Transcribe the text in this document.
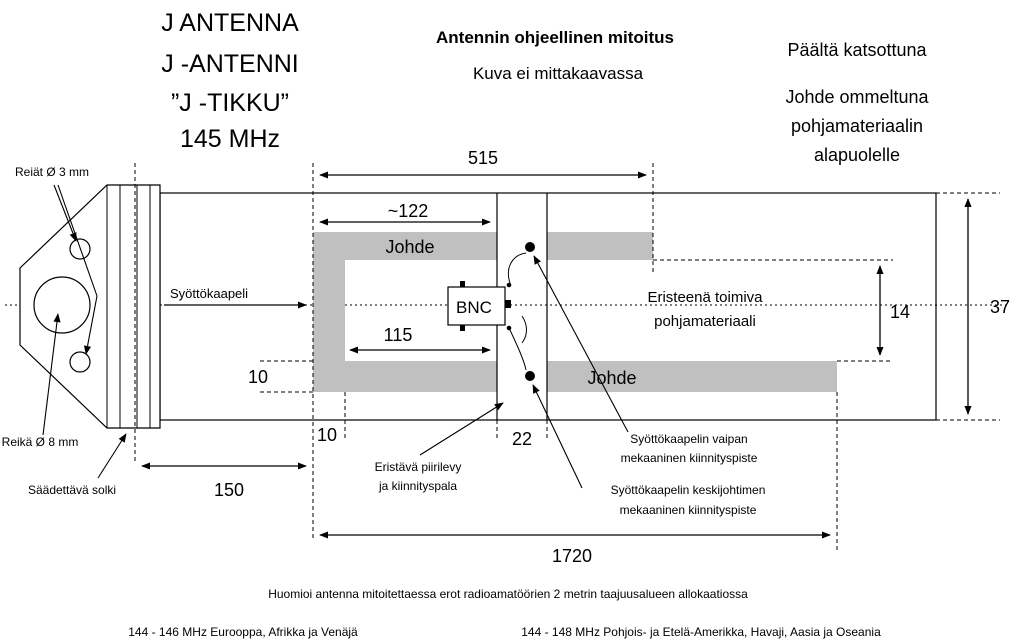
J ANTENNA
J -ANTENNI
”J -TIKKU”
145 MHz
Antennin ohjeellinen mitoitus
Kuva ei mittakaavassa
Päältä katsottuna
Johde ommeltuna
pohjamateriaalin
alapuolelle
BNC
Johde
Johde
515
~122
115
14	37
10
10	22
150
1720
Reiät Ø 3 mm
Reikä Ø 8 mm
Säädettävä solki
Syöttökaapeli	Eristeenä toimiva
pohjamateriaali
Eristävä piirilevy
ja kiinnityspala
Syöttökaapelin vaipan
mekaaninen kiinnityspiste
Syöttökaapelin keskijohtimen
mekaaninen kiinnityspiste
Huomioi antenna mitoitettaessa erot radioamatöörien 2 metrin taajuusalueen allokaatiossa
144 - 146 MHz Eurooppa, Afrikka ja Venäjä	144 - 148 MHz Pohjois- ja Etelä-Amerikka, Havaji, Aasia ja Oseania
